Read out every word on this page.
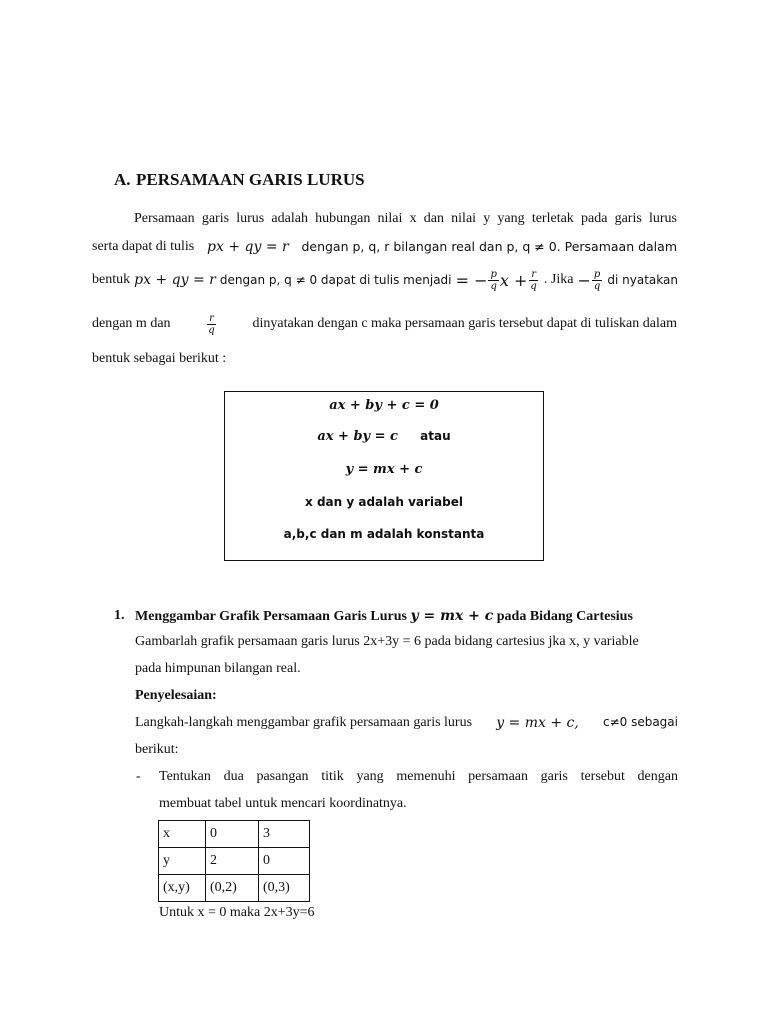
A. PERSAMAAN GARIS LURUS
Persamaan garis lurus adalah hubungan nilai x dan nilai y yang terletak pada garis lurus
serta dapat di tulis px + qy = r dengan p, q, r bilangan real dan p, q ≠ 0. Persamaan dalam
bentuk px + qy = r dengan p, q ≠ 0 dapat di tulis menjadi = − $\frac{p}{q}$ $x + \frac{r}{q}$ . Jika − $\frac{p}{q}$ di nyatakan
dengan m dan	$\frac{r}{q}$	dinyatakan dengan c maka persamaan garis tersebut dapat di tuliskan dalam
bentuk sebagai berikut :
ax + by + c = 0
ax + by = c atau
y = mx + c
x dan y adalah variabel
a,b,c dan m adalah konstanta
1. Menggambar Grafik Persamaan Garis Lurus y = mx + c pada Bidang Cartesius
Gambarlah grafik persamaan garis lurus 2x+3y = 6 pada bidang cartesius jka x, y variable
pada himpunan bilangan real.
Penyelesaian:
Langkah-langkah menggambar grafik persamaan garis lurus y = mx + c, c≠0 sebagai
berikut:
- Tentukan dua pasangan titik yang memenuhi persamaan garis tersebut dengan
membuat tabel untuk mencari koordinatnya.
x	0	3
y	2	0
(x,y)	(0,2)	(0,3)
Untuk x = 0 maka 2x+3y=6
